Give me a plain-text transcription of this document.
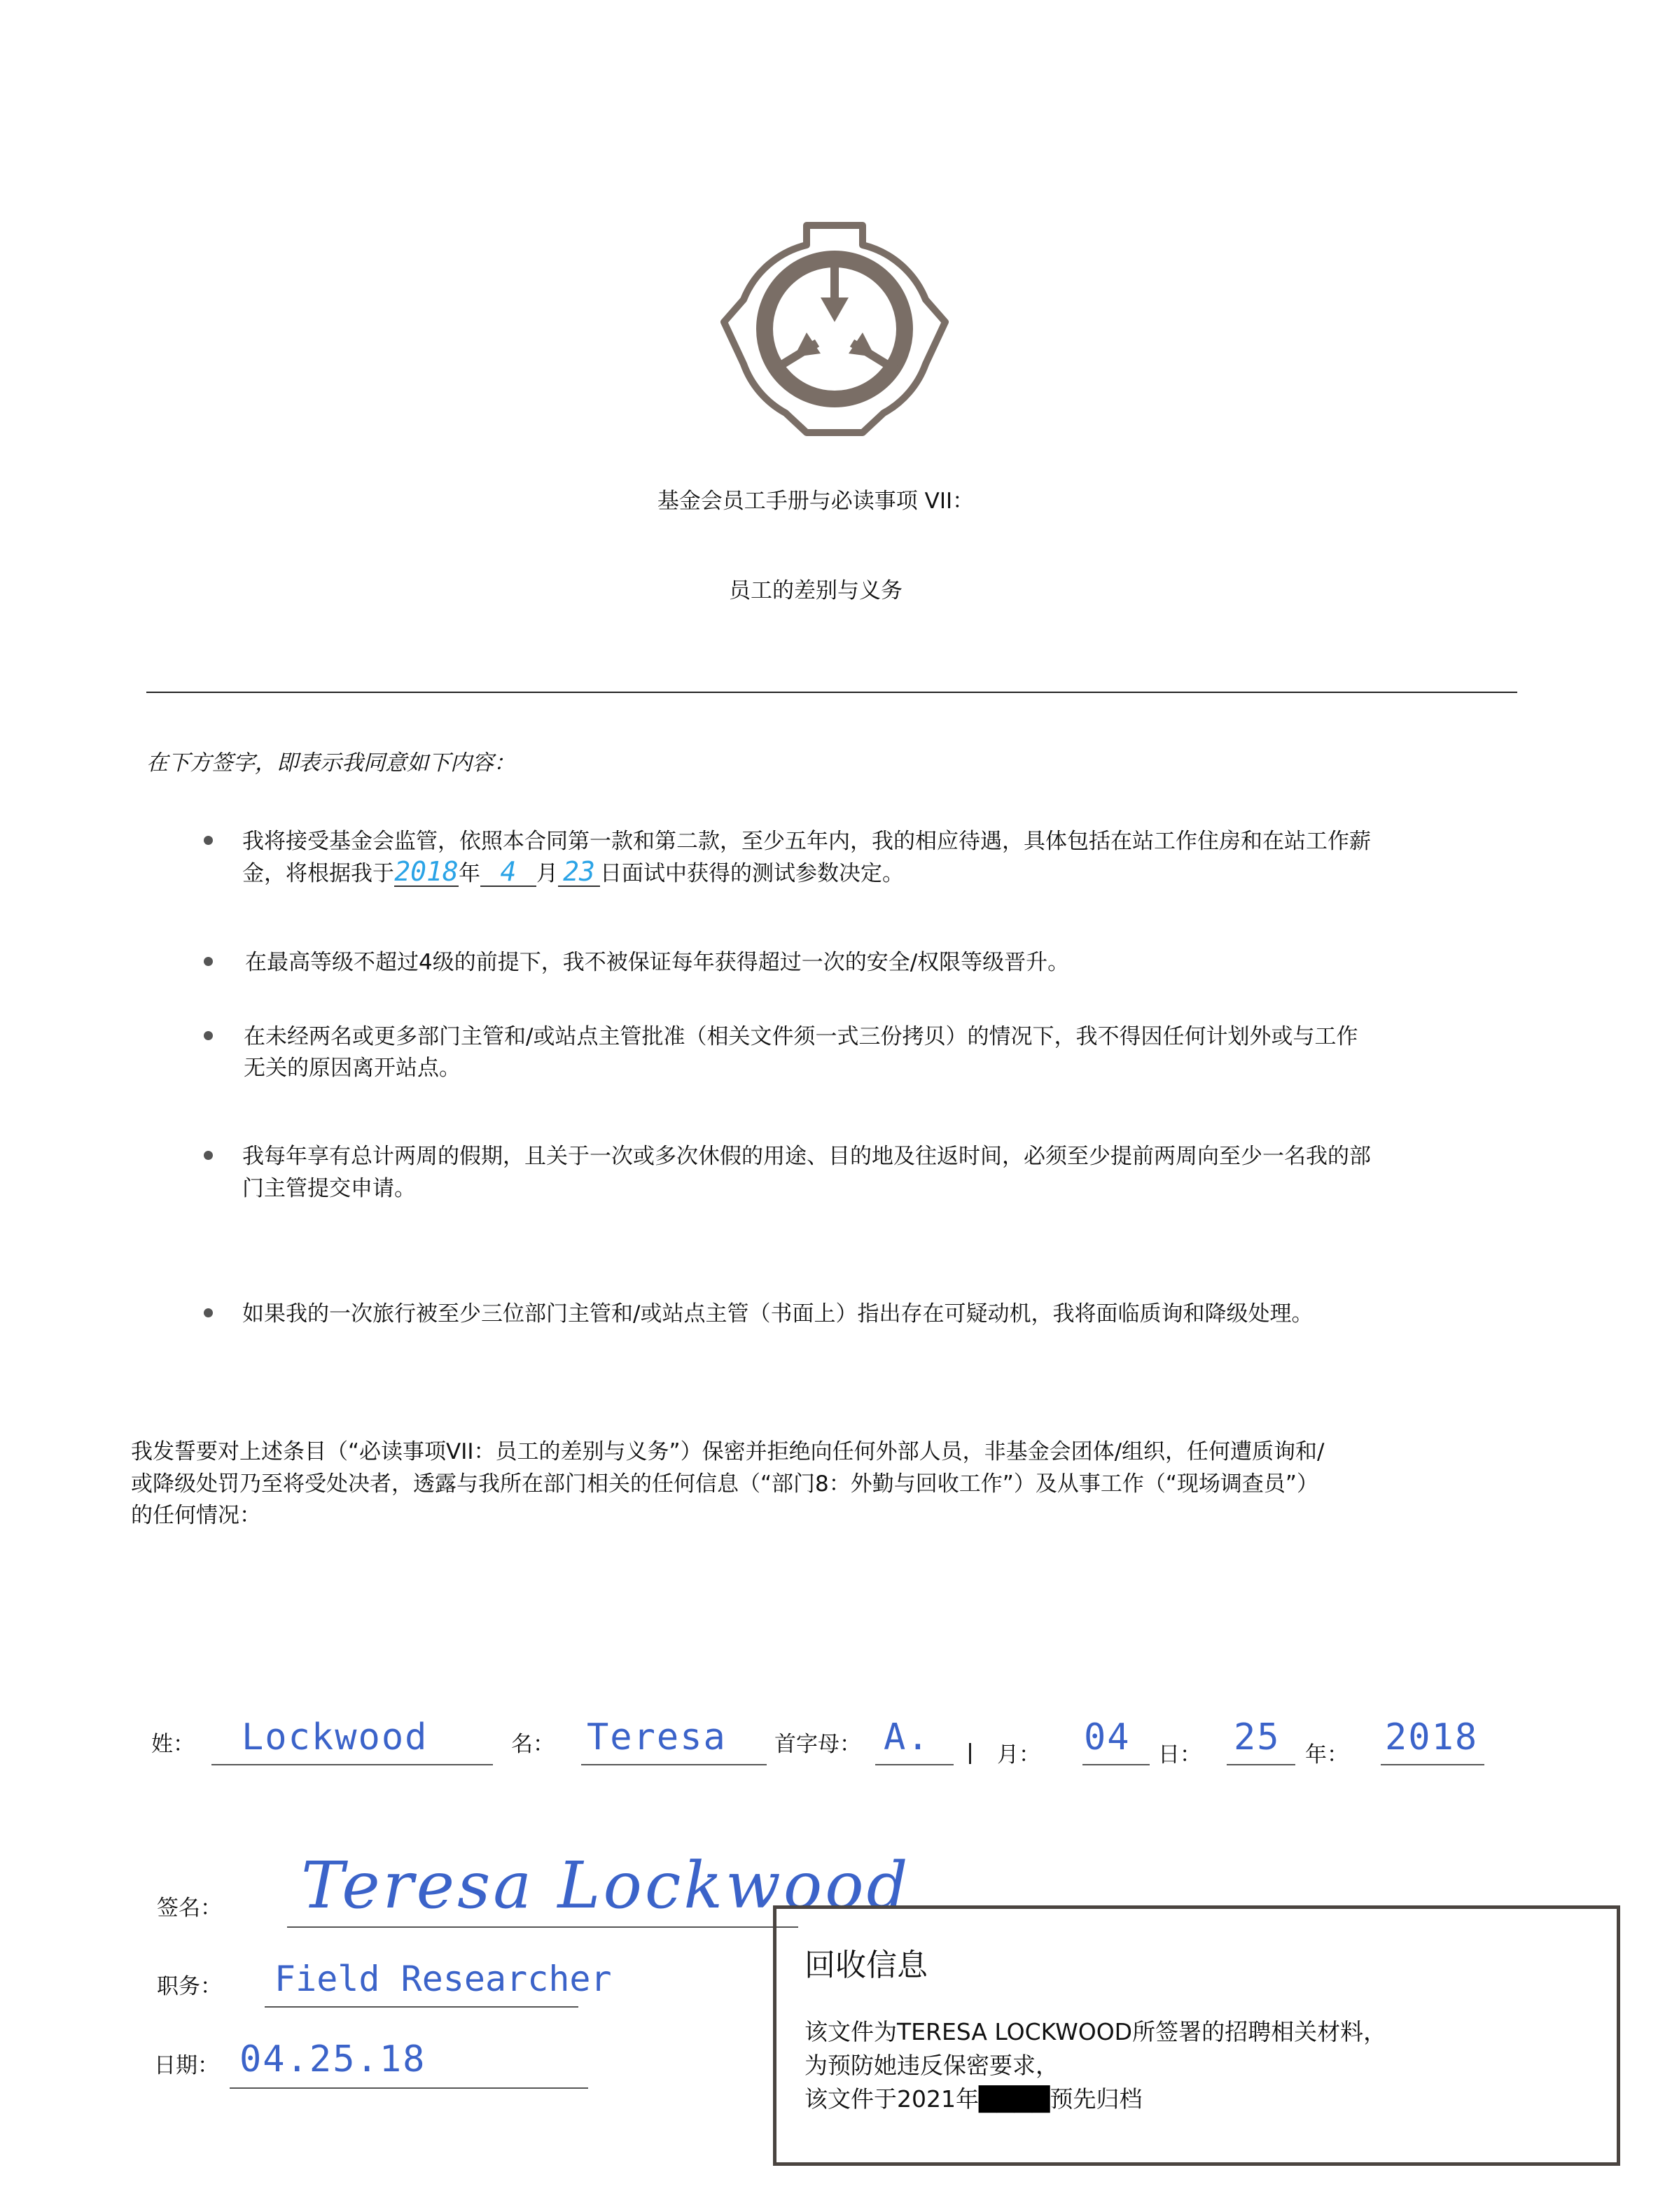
基金会员工手册与必读事项 VII：
员工的差别与义务
在下方签字，即表示我同意如下内容：
我将接受基金会监管，依照本合同第一款和第二款，至少五年内，我的相应待遇，具体包括在站工作住房和在站工作薪
金，将根据我于2018年 4 月 23 日面试中获得的测试参数决定。
在最高等级不超过4级的前提下，我不被保证每年获得超过一次的安全/权限等级晋升。
在未经两名或更多部门主管和/或站点主管批准（相关文件须一式三份拷贝）的情况下，我不得因任何计划外或与工作
无关的原因离开站点。
我每年享有总计两周的假期，且关于一次或多次休假的用途、目的地及往返时间，必须至少提前两周向至少一名我的部
门主管提交申请。
如果我的一次旅行被至少三位部门主管和/或站点主管（书面上）指出存在可疑动机，我将面临质询和降级处理。
我发誓要对上述条目（“必读事项VII：员工的差别与义务”）保密并拒绝向任何外部人员，非基金会团体/组织，任何遭质询和/
或降级处罚乃至将受处决者，透露与我所在部门相关的任何信息（“部门8：外勤与回收工作”）及从事工作（“现场调查员”）
的任何情况：
姓： Lockwood	名： Teresa 首字母： A.	月： 04 日： 25 年： 2018
签名： Teresa Lockwood
职务： Field Researcher
日期： 04.25.18
回收信息
该文件为TERESA LOCKWOOD所签署的招聘相关材料，
为预防她违反保密要求，
该文件于2021年████预先归档
